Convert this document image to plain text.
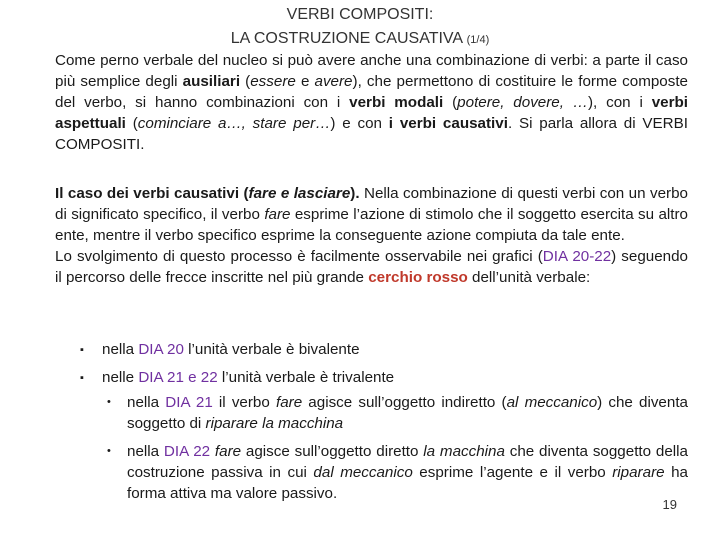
VERBI COMPOSITI:
LA COSTRUZIONE CAUSATIVA (1/4)
Come perno verbale del nucleo si può avere anche una combinazione di verbi: a parte il caso più semplice degli ausiliari (essere e avere), che permettono di costituire le forme composte del verbo, si hanno combinazioni con i verbi modali (potere, dovere, …), con i verbi aspettuali (cominciare a…, stare per…) e con i verbi causativi. Si parla allora di VERBI COMPOSITI.
Il caso dei verbi causativi (fare e lasciare). Nella combinazione di questi verbi con un verbo di significato specifico, il verbo fare esprime l’azione di stimolo che il soggetto esercita su altro ente, mentre il verbo specifico esprime la conseguente azione compiuta da tale ente.
Lo svolgimento di questo processo è facilmente osservabile nei grafici (DIA 20-22) seguendo il percorso delle frecce inscritte nel più grande cerchio rosso dell’unità verbale:
▪ nella DIA 20 l’unità verbale è bivalente
▪ nelle DIA 21 e 22 l’unità verbale è trivalente
• nella DIA 21 il verbo fare agisce sull’oggetto indiretto (al meccanico) che diventa soggetto di riparare la macchina
• nella DIA 22 fare agisce sull’oggetto diretto la macchina che diventa soggetto della costruzione passiva in cui dal meccanico esprime l’agente e il verbo riparare ha forma attiva ma valore passivo.
19
